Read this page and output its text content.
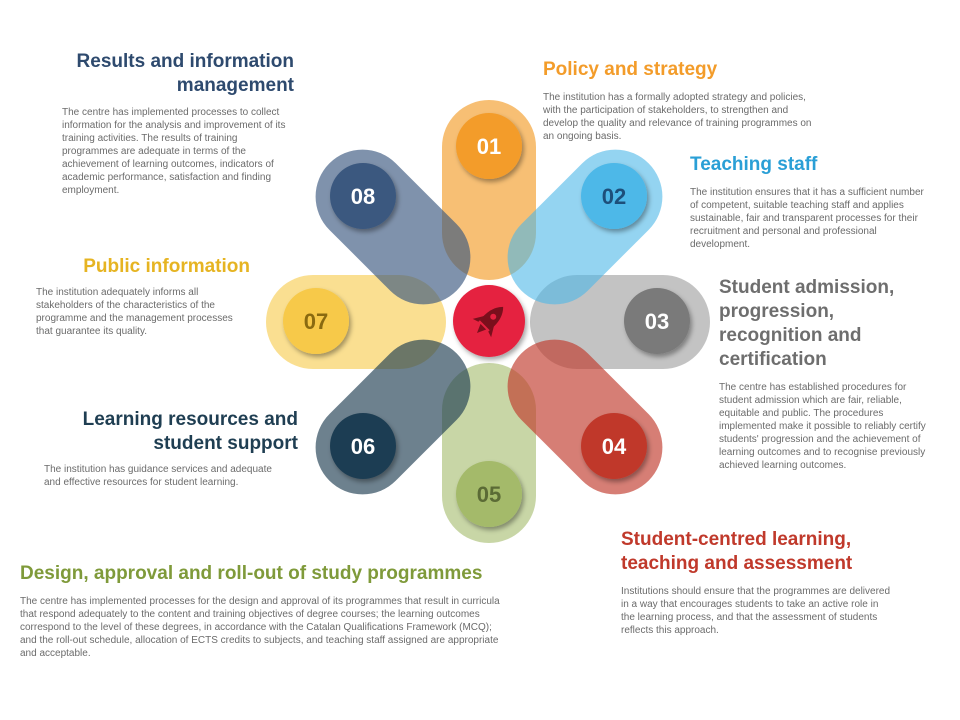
01
02
03
04
05
06
07
08
Results and information management

The centre has implemented processes to collect information for the analysis and improvement of its training activities. The results of training programmes are adequate in terms of the achievement of learning outcomes, indicators of academic performance, satisfaction and finding employment.

Policy and strategy

The institution has a formally adopted strategy and policies, with the participation of stakeholders, to strengthen and develop the quality and relevance of training programmes on an ongoing basis.

Teaching staff

The institution ensures that it has a sufficient number of competent, suitable teaching staff and applies sustainable, fair and transparent processes for their recruitment and personal and professional development.

Public information

The institution adequately informs all stakeholders of the characteristics of the programme and the management processes that guarantee its quality.

Student admission, progression, recognition and certification

The centre has established procedures for student admission which are fair, reliable, equitable and public. The procedures implemented make it possible to reliably certify students' progression and the achievement of learning outcomes and to recognise previously achieved learning outcomes.

Learning resources and student support

The institution has guidance services and adequate and effective resources for student learning.

Student-centred learning, teaching and assessment

Institutions should ensure that the programmes are delivered in a way that encourages students to take an active role in the learning process, and that the assessment of students reflects this approach.

Design, approval and roll-out of study programmes

The centre has implemented processes for the design and approval of its programmes that result in curricula that respond adequately to the content and training objectives of degree courses; the learning outcomes correspond to the level of these degrees, in accordance with the Catalan Qualifications Framework (MCQ); and the roll-out schedule, allocation of ECTS credits to subjects, and teaching staff assigned are appropriate and acceptable.
